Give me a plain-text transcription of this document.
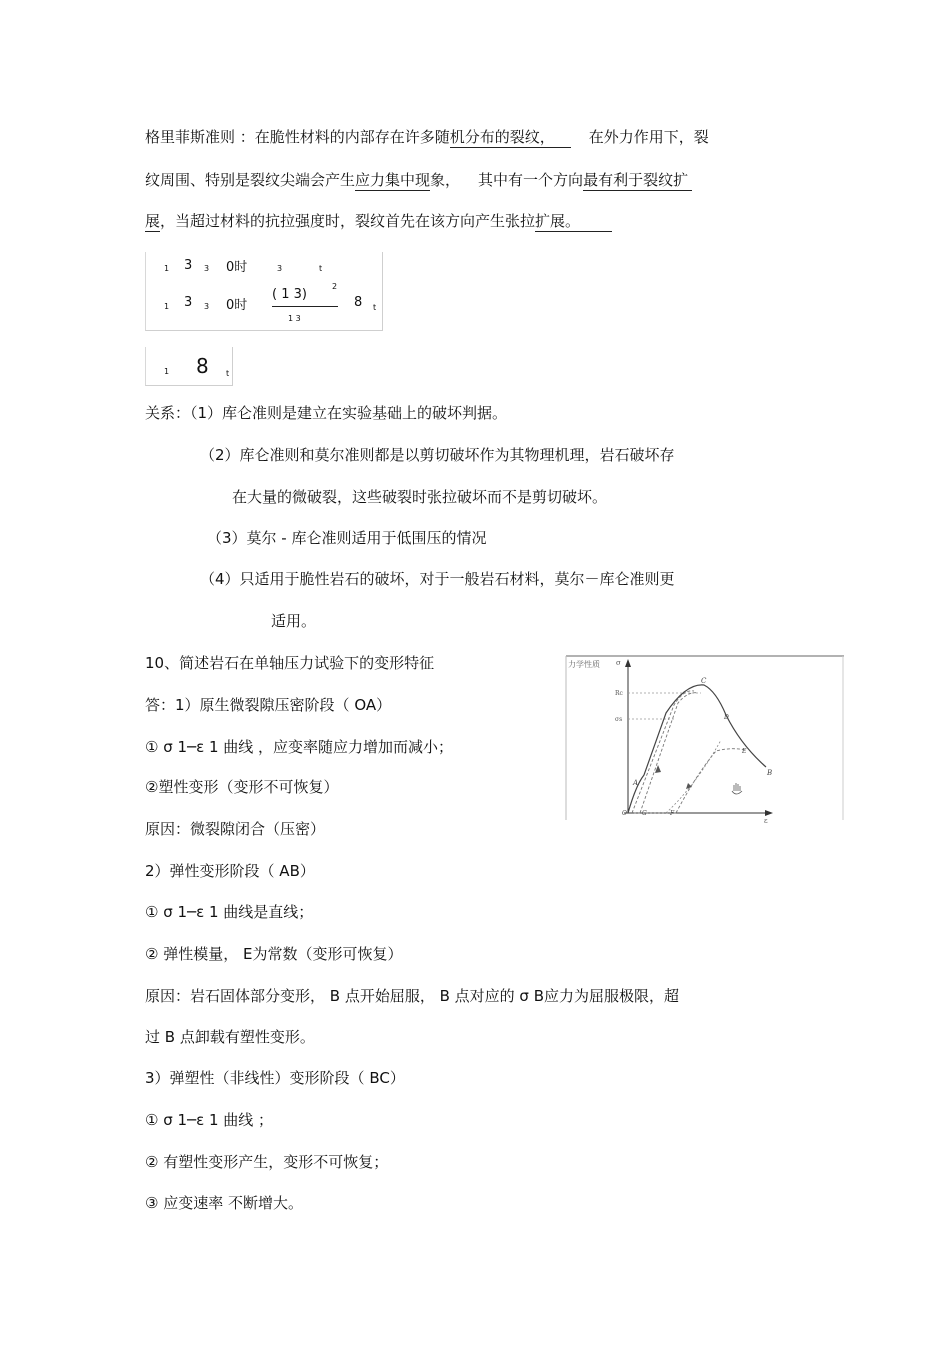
格里菲斯准则 ：在脆性材料的内部存在许多随机分布的裂纹， 在外力作用下，裂
纹周围、特别是裂纹尖端会产生应力集中现象， 其中有一个方向最有利于裂纹扩
展，当超过材料的抗拉强度时，裂纹首先在该方向产生张拉扩展。
1 3 3 0时	3	t
1 3 3 0时
( 1 3)
2
1 3
8 t
1 8 t
关系：（1）库仑准则是建立在实验基础上的破坏判据。
（2）库仑准则和莫尔准则都是以剪切破坏作为其物理机理，岩石破坏存
在大量的微破裂，这些破裂时张拉破坏而不是剪切破坏。
（3）莫尔 - 库仑准则适用于低围压的情况
（4）只适用于脆性岩石的破坏，对于一般岩石材料，莫尔－库仑准则更
适用。
10、简述岩石在单轴压力试验下的变形特征
答：1）原生微裂隙压密阶段（ OA）
① σ 1─ε 1 曲线 ，应变率随应力增加而减小；
②塑性变形（变形不可恢复）
原因：微裂隙闭合（压密）
2）弹性变形阶段（ AB）
① σ 1─ε 1 曲线是直线；
② 弹性模量， E为常数（变形可恢复）
原因：岩石固体部分变形， B 点开始屈服， B 点对应的 σ B应力为屈服极限，超
过 B 点卸载有塑性变形。
3）弹塑性（非线性）变形阶段（ BC）
① σ 1─ε 1 曲线 ；
② 有塑性变形产生，变形不可恢复；
③ 应变速率 不断增大。
力学性质 σ
ε
Rc
σs
C
B
A
O
D
E
F
G
